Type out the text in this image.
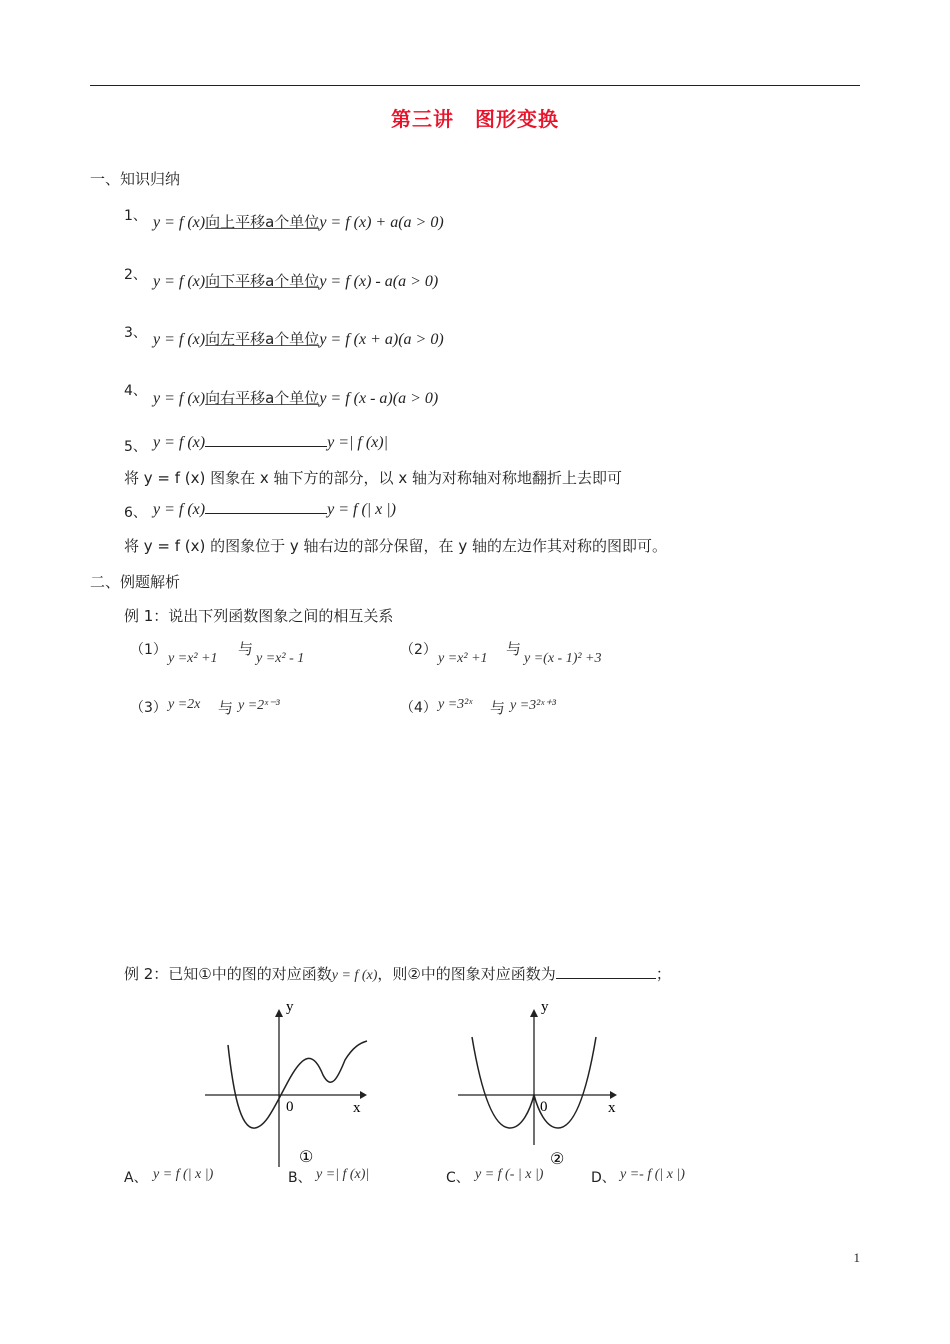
第三讲　图形变换
一、知识归纳
1、 y = f (x)向上平移a个单位y = f (x) + a(a > 0)
2、 y = f (x)向下平移a个单位y = f (x) - a(a > 0)
3、 y = f (x)向左平移a个单位y = f (x + a)(a > 0)
4、 y = f (x)向右平移a个单位y = f (x - a)(a > 0)
5、 y = f (x)	y =| f (x)|
将 y = f (x) 图象在 x 轴下方的部分，以 x 轴为对称轴对称地翻折上去即可
6、 y = f (x)	y = f (| x |)
将 y = f (x) 的图象位于 y 轴右边的部分保留，在 y 轴的左边作其对称的图即可。
二、例题解析
例 1：说出下列函数图象之间的相互关系
（1）
y =x² +1
与
y =x² - 1
（2）
y =x² +1
与
y =(x - 1)² +3
（3） y =2x 与 y =2ˣ⁻³	（4） y =3²ˣ 与 y =3²ˣ⁺³
例 2：已知①中的图的对应函数y = f (x)，则②中的图象对应函数为	；
y
x
0
①
y
x
0
②
A、 y = f (| x |)	B、 y =| f (x)|	C、 y = f (- | x |)	D、 y =- f (| x |)
1
